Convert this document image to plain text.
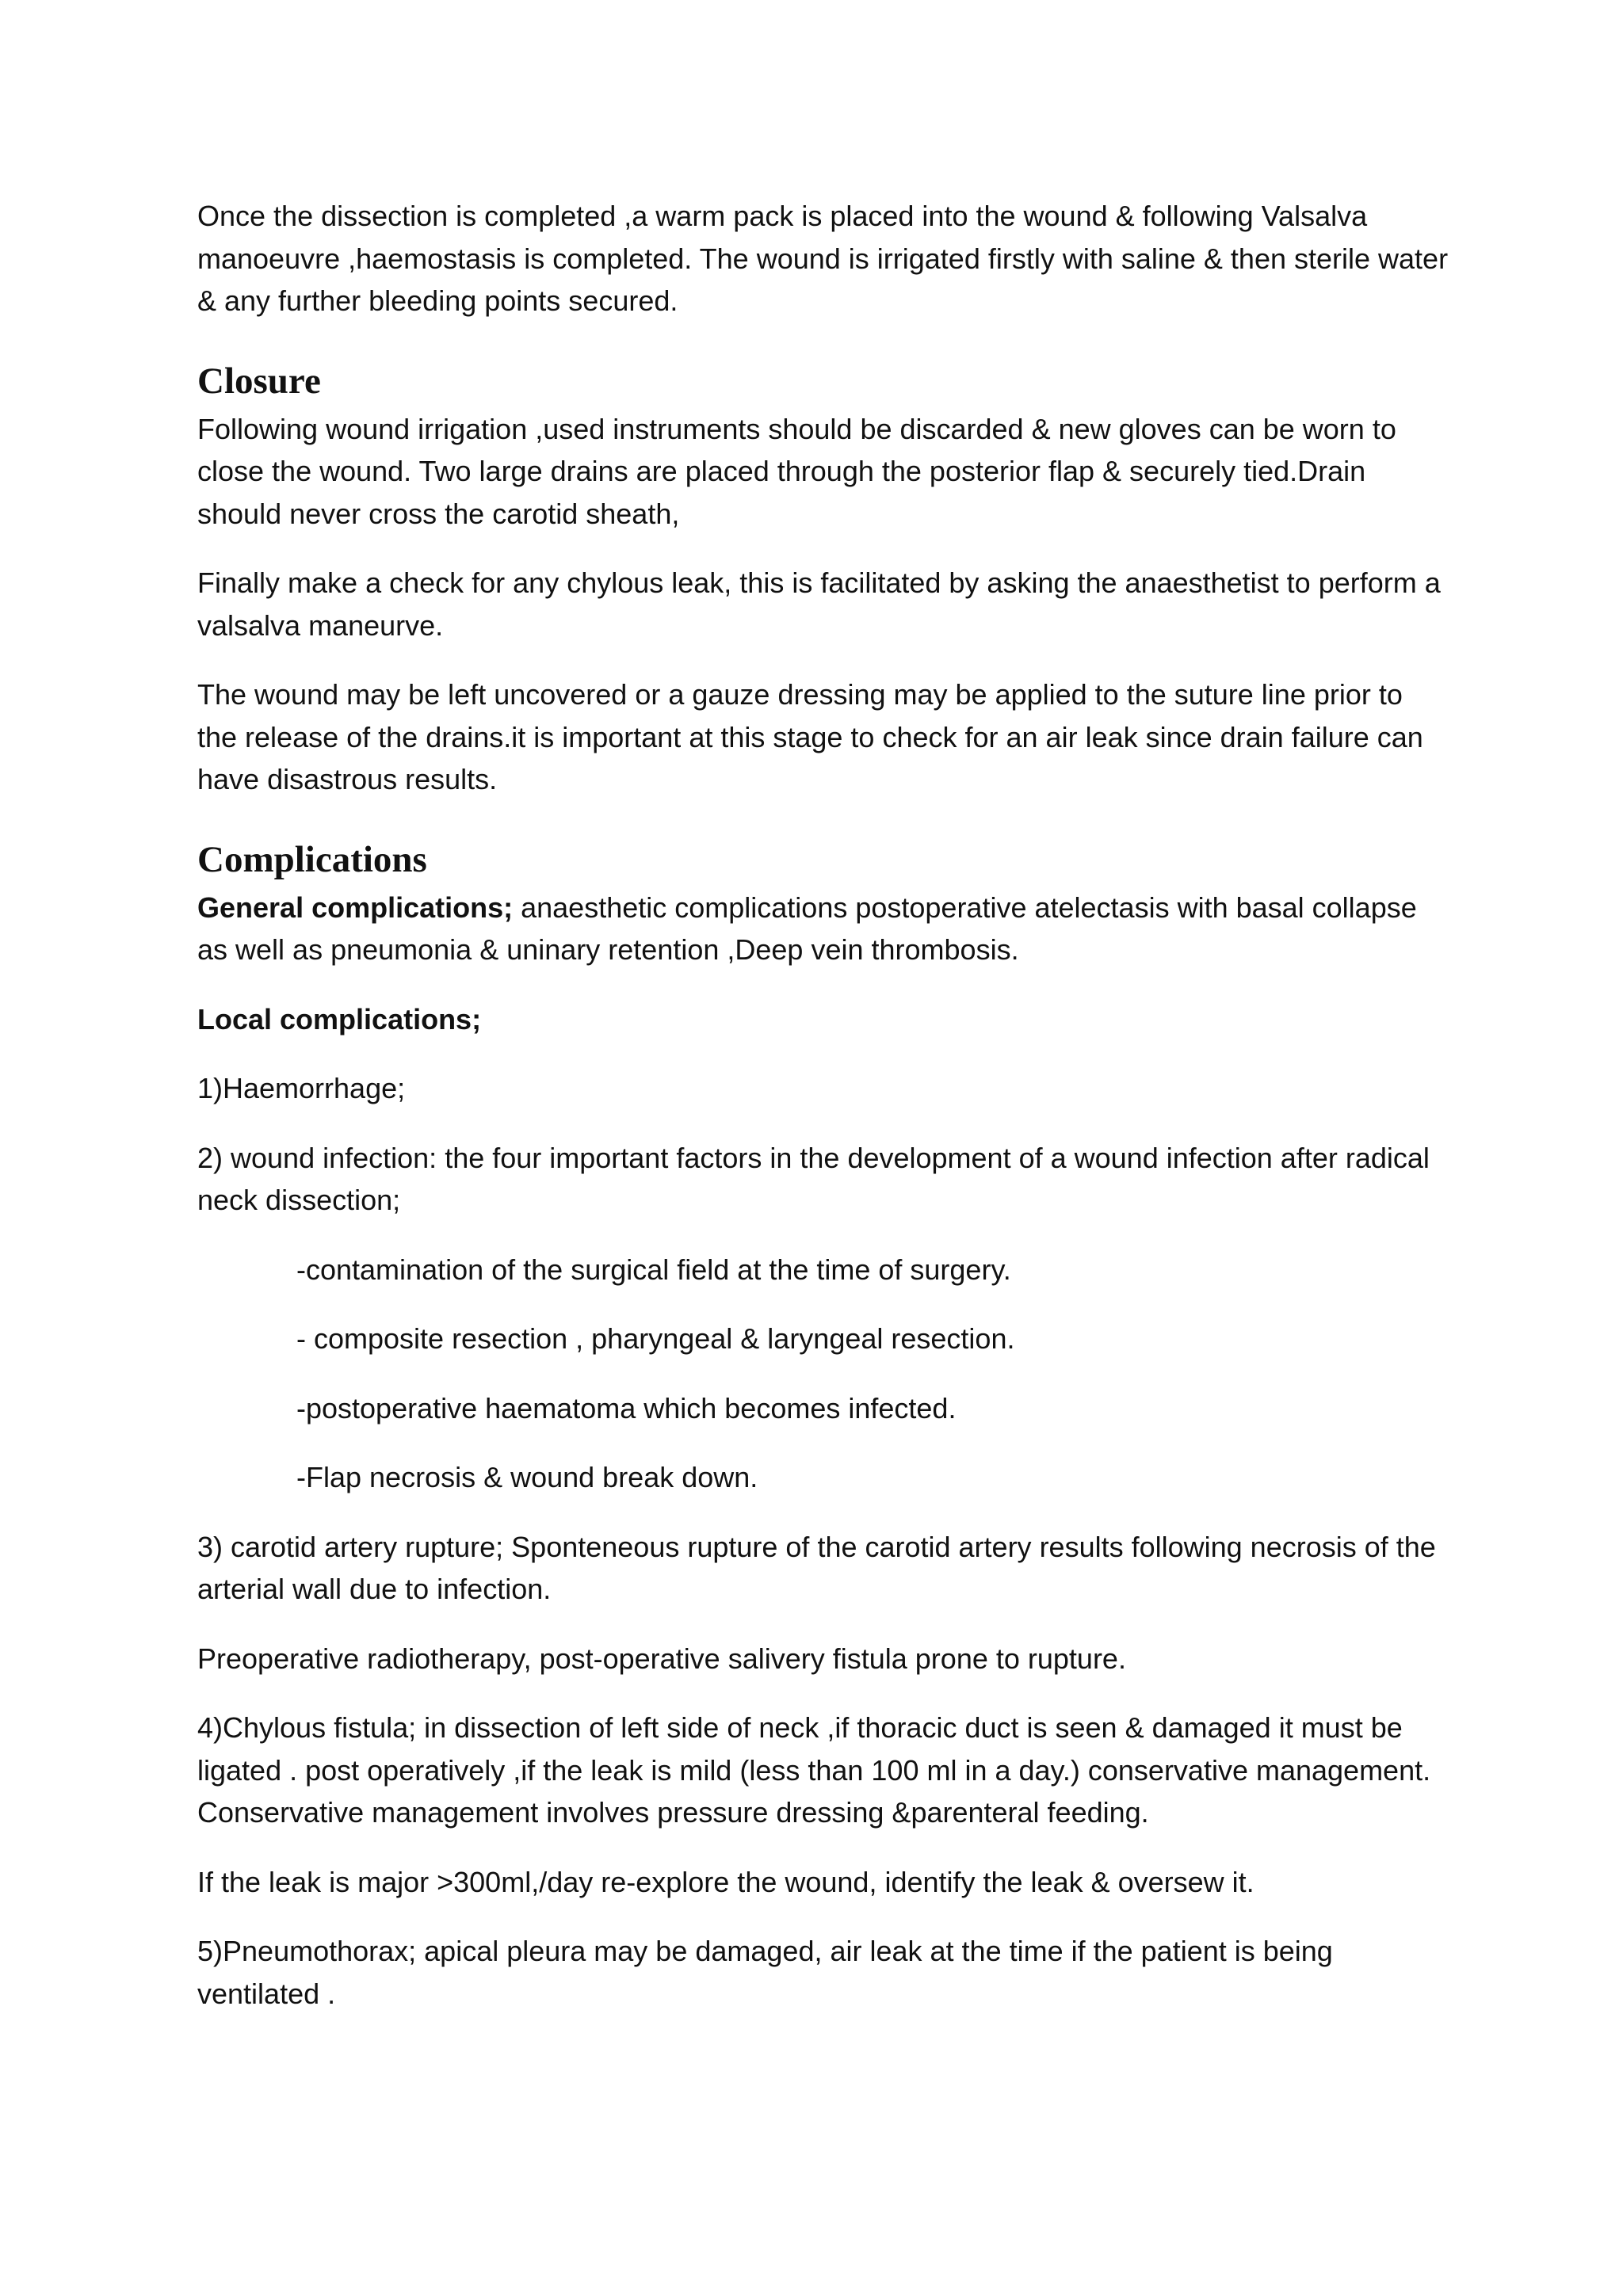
Once the dissection is completed ,a warm pack is placed into the wound & following Valsalva manoeuvre ,haemostasis is completed. The wound is irrigated firstly with saline & then sterile water & any further bleeding points secured.

Closure

Following wound irrigation ,used instruments should be discarded & new gloves can be worn to close the wound. Two large drains are placed through the posterior flap & securely tied.Drain should never cross the carotid sheath,

Finally make a check for any chylous leak, this is facilitated by asking the anaesthetist to perform a valsalva maneurve.

The wound may be left uncovered or a gauze dressing may be applied to the suture line prior to the release of the drains.it is important at this stage to check for an air leak since drain failure can have disastrous results.

Complications

General complications; anaesthetic complications postoperative atelectasis with basal collapse as well as pneumonia & uninary retention ,Deep vein thrombosis.

Local complications;

1)Haemorrhage;

2) wound infection: the four important factors in the development of a wound infection after radical neck dissection;

-contamination of the surgical field at the time of surgery.

- composite resection , pharyngeal & laryngeal resection.

-postoperative haematoma which becomes infected.

-Flap necrosis & wound break down.

3) carotid artery rupture; Sponteneous rupture of the carotid artery results following necrosis of the arterial wall due to infection.

Preoperative radiotherapy, post-operative salivery fistula prone to rupture.

4)Chylous fistula; in dissection of left side of neck ,if thoracic duct is seen & damaged it must be ligated . post operatively ,if the leak is mild (less than 100 ml in a day.) conservative management. Conservative management involves pressure dressing &parenteral feeding.

If the leak is major >300ml,/day re-explore the wound, identify the leak & oversew it.

5)Pneumothorax; apical pleura may be damaged, air leak at the time if the patient is being ventilated .
